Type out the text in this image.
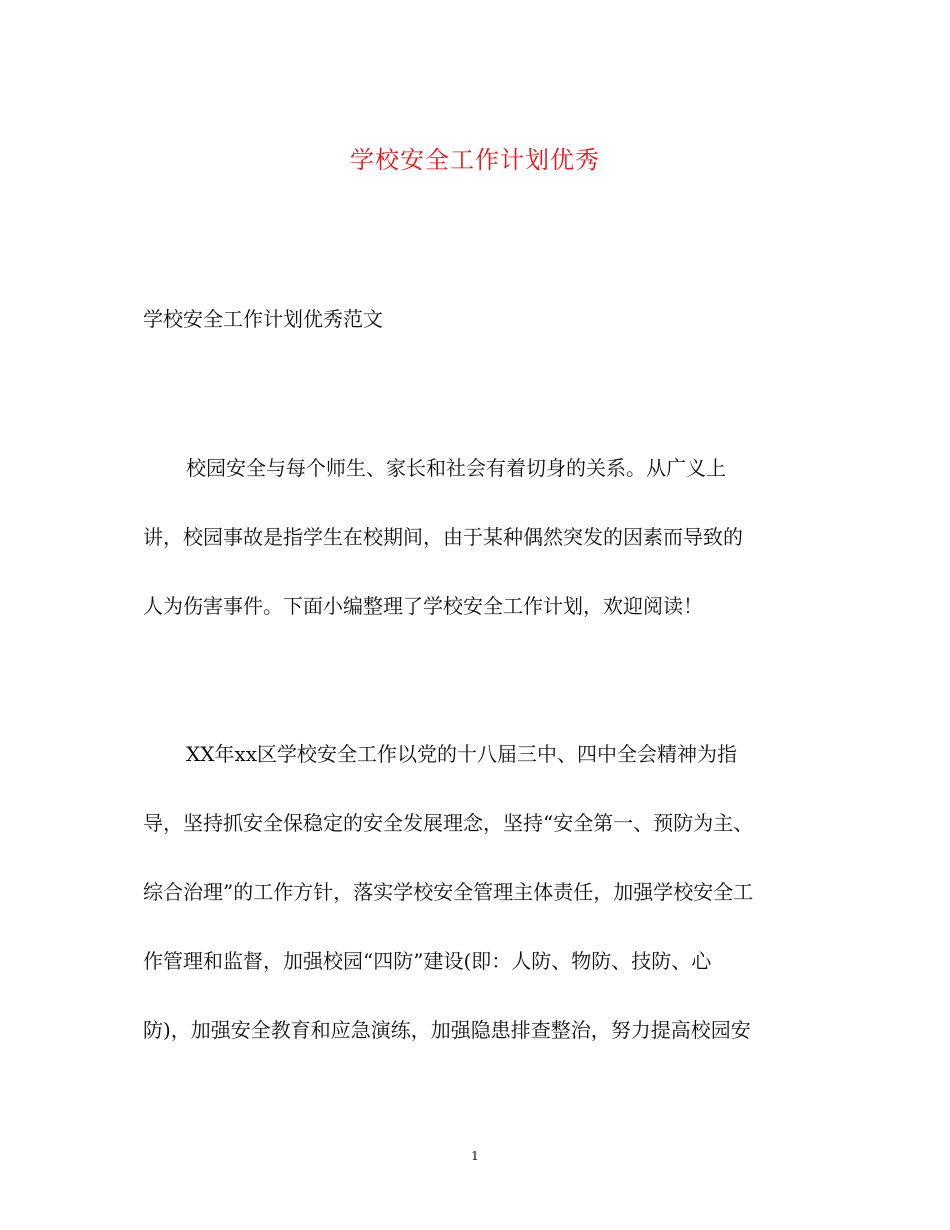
学校安全工作计划优秀
学校安全工作计划优秀范文
校园安全与每个师生、家长和社会有着切身的关系。从广义上
讲，校园事故是指学生在校期间，由于某种偶然突发的因素而导致的
人为伤害事件。下面小编整理了学校安全工作计划，欢迎阅读！
XX年xx区学校安全工作以党的十八届三中、四中全会精神为指
导，坚持抓安全保稳定的安全发展理念，坚持“安全第一、预防为主、
综合治理”的工作方针，落实学校安全管理主体责任，加强学校安全工
作管理和监督，加强校园“四防”建设(即：人防、物防、技防、心
防)，加强安全教育和应急演练，加强隐患排查整治，努力提高校园安
1
